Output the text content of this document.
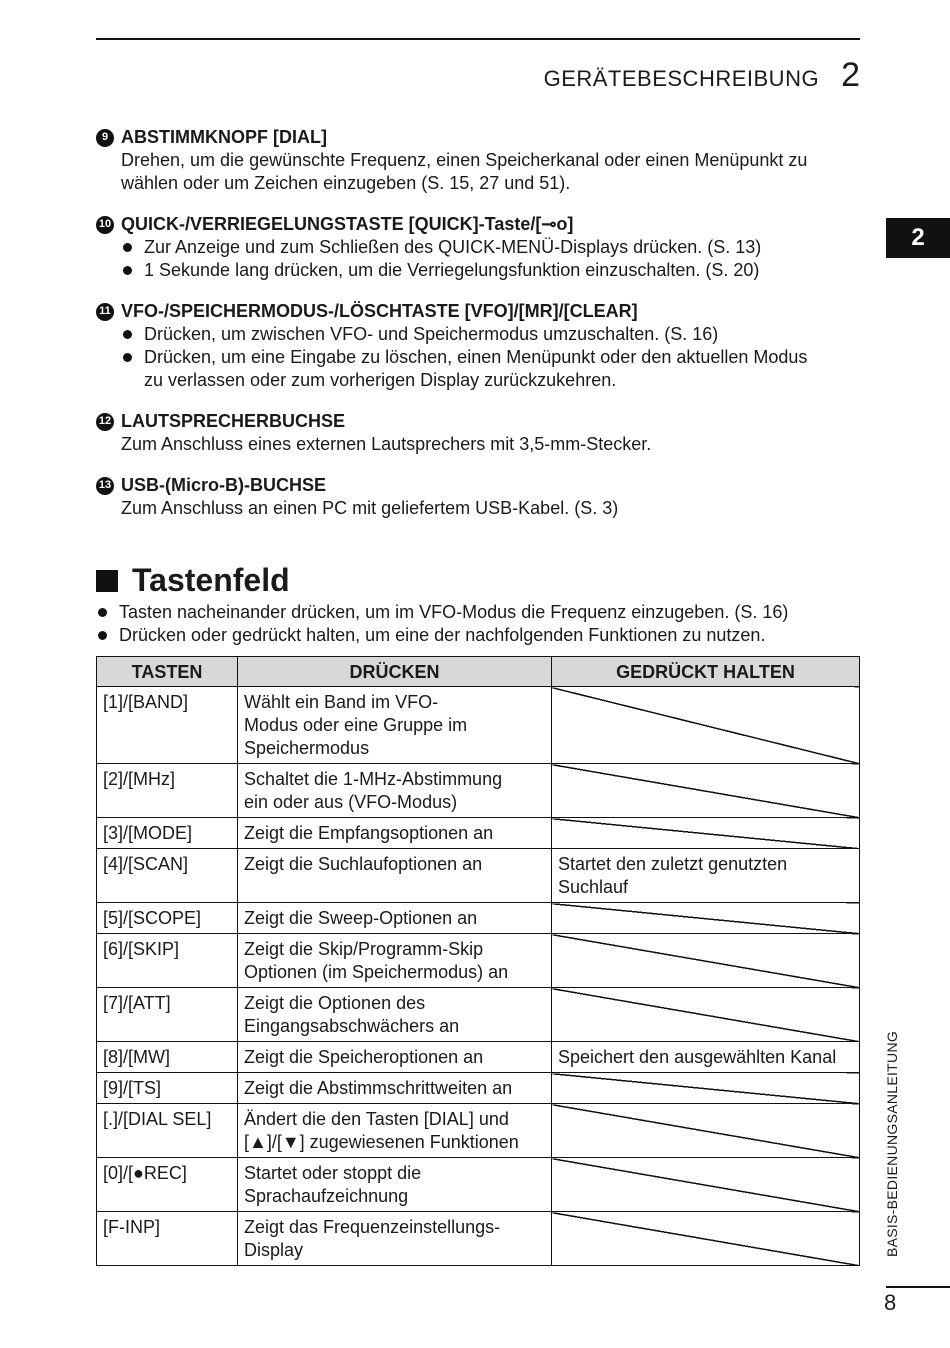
GERÄTEBESCHREIBUNG 2
2
9 ABSTIMMKNOPF [DIAL]
Drehen, um die gewünschte Frequenz, einen Speicherkanal oder einen Menüpunkt zu
wählen oder um Zeichen einzugeben (S. 15, 27 und 51).
10 QUICK-/VERRIEGELUNGSTASTE [QUICK]-Taste/[⊸o]
Zur Anzeige und zum Schließen des QUICK-MENÜ-Displays drücken. (S. 13)
1 Sekunde lang drücken, um die Verriegelungsfunktion einzuschalten. (S. 20)
11 VFO-/SPEICHERMODUS-/LÖSCHTASTE [VFO]/[MR]/[CLEAR]
Drücken, um zwischen VFO- und Speichermodus umzuschalten. (S. 16)
Drücken, um eine Eingabe zu löschen, einen Menüpunkt oder den aktuellen Modus
zu verlassen oder zum vorherigen Display zurückzukehren.
12 LAUTSPRECHERBUCHSE
Zum Anschluss eines externen Lautsprechers mit 3,5-mm-Stecker.
13 USB-(Micro-B)-BUCHSE
Zum Anschluss an einen PC mit geliefertem USB-Kabel. (S. 3)
Tastenfeld
Tasten nacheinander drücken, um im VFO-Modus die Frequenz einzugeben. (S. 16)
Drücken oder gedrückt halten, um eine der nachfolgenden Funktionen zu nutzen.
TASTEN	DRÜCKEN	GEDRÜCKT HALTEN
[1]/[BAND]	Wählt ein Band im VFO-
Modus oder eine Gruppe im
Speichermodus	

[2]/[MHz]	Schaltet die 1-MHz-Abstimmung
ein oder aus (VFO-Modus)	

[3]/[MODE]	Zeigt die Empfangsoptionen an	

[4]/[SCAN]	Zeigt die Suchlaufoptionen an	Startet den zuletzt genutzten
Suchlauf

[5]/[SCOPE]	Zeigt die Sweep-Optionen an	

[6]/[SKIP]	Zeigt die Skip/Programm-Skip
Optionen (im Speichermodus) an	

[7]/[ATT]	Zeigt die Optionen des
Eingangsabschwächers an	

[8]/[MW]	Zeigt die Speicheroptionen an	Speichert den ausgewählten Kanal

[9]/[TS]	Zeigt die Abstimmschrittweiten an	

[.]/[DIAL SEL]	Ändert die den Tasten [DIAL] und
[▲]/[▼] zugewiesenen Funktionen	

[0]/[●REC]	Startet oder stoppt die
Sprachaufzeichnung	

[F-INP]	Zeigt das Frequenzeinstellungs-
Display	
		BASIS-BEDIENUNGSANLEITUNG
8
